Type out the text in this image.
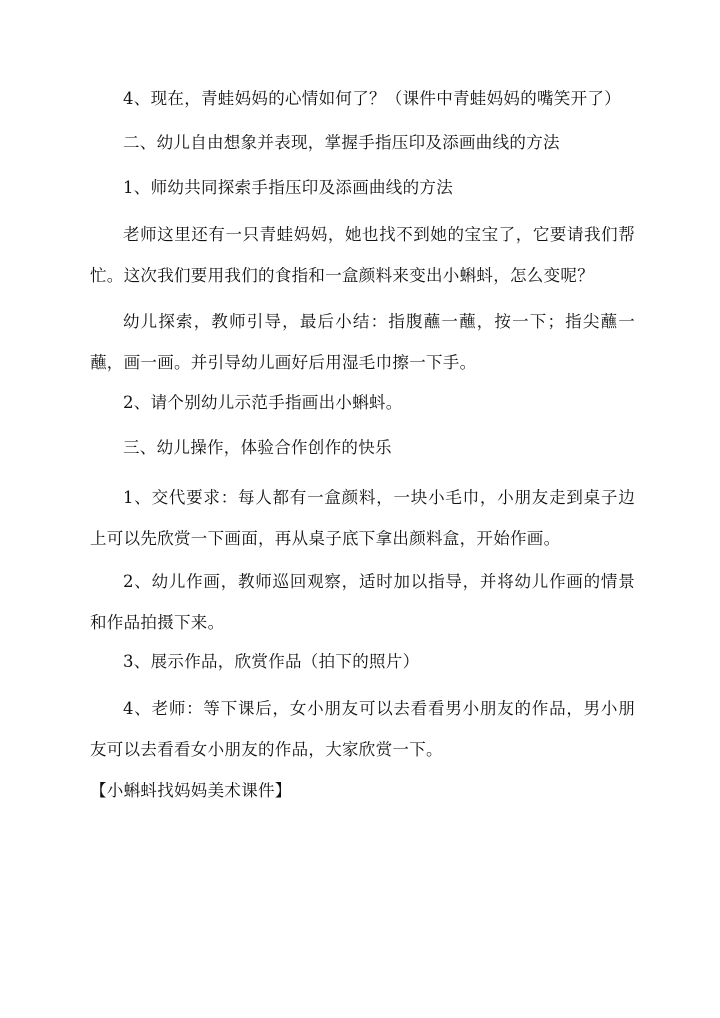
4、现在，青蛙妈妈的心情如何了？（课件中青蛙妈妈的嘴笑开了）

二、幼儿自由想象并表现，掌握手指压印及添画曲线的方法

1、师幼共同探索手指压印及添画曲线的方法

老师这里还有一只青蛙妈妈，她也找不到她的宝宝了，它要请我们帮忙。这次我们要用我们的食指和一盒颜料来变出小蝌蚪，怎么变呢？

幼儿探索，教师引导，最后小结：指腹蘸一蘸，按一下；指尖蘸一蘸，画一画。并引导幼儿画好后用湿毛巾擦一下手。

2、请个别幼儿示范手指画出小蝌蚪。

三、幼儿操作，体验合作创作的快乐

1、交代要求：每人都有一盒颜料，一块小毛巾，小朋友走到桌子边上可以先欣赏一下画面，再从桌子底下拿出颜料盒，开始作画。

2、幼儿作画，教师巡回观察，适时加以指导，并将幼儿作画的情景和作品拍摄下来。

3、展示作品，欣赏作品（拍下的照片）

4、老师：等下课后，女小朋友可以去看看男小朋友的作品，男小朋友可以去看看女小朋友的作品，大家欣赏一下。

【小蝌蚪找妈妈美术课件】
